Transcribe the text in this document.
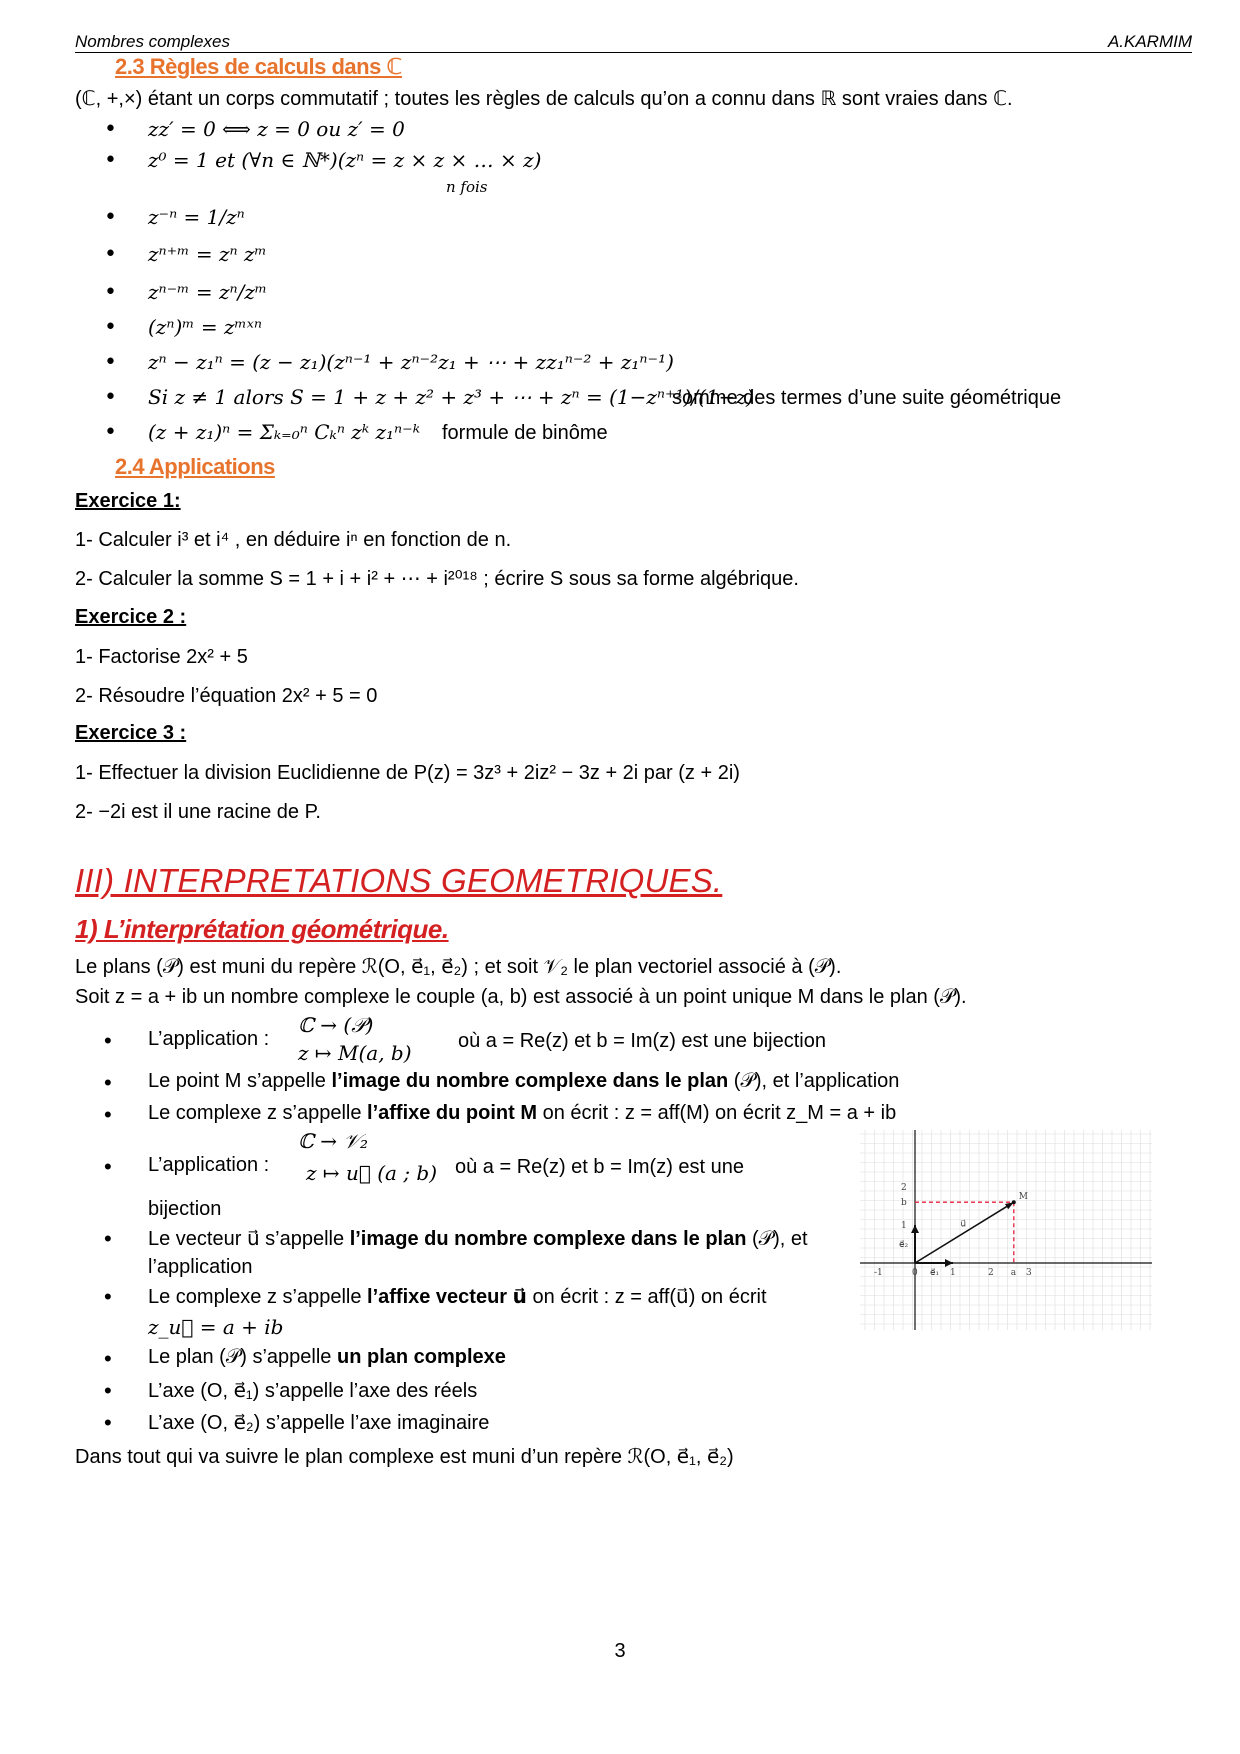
Nombres complexes	A.KARMIM
2.3 Règles de calculs dans ℂ
(ℂ, +,×) étant un corps commutatif ; toutes les règles de calculs qu’on a connu dans ℝ sont vraies dans ℂ.
• zz′ = 0 ⟺ z = 0 ou z′ = 0
• z⁰ = 1 et (∀n ∈ ℕ*)(zⁿ = z × z × … × z)
n fois
• z⁻ⁿ = 1/zⁿ
• zⁿ⁺ᵐ = zⁿ zᵐ
• zⁿ⁻ᵐ = zⁿ/zᵐ
• (zⁿ)ᵐ = zᵐˣⁿ
• zⁿ − z₁ⁿ = (z − z₁)(zⁿ⁻¹ + zⁿ⁻²z₁ + ⋯ + zz₁ⁿ⁻² + z₁ⁿ⁻¹)
• Si z ≠ 1 alors S = 1 + z + z² + z³ + ⋯ + zⁿ = (1−zⁿ⁺¹)/(1−z)
somme des termes d’une suite géométrique
• (z + z₁)ⁿ = Σₖ₌₀ⁿ Cₖⁿ zᵏ z₁ⁿ⁻ᵏ formule de binôme
2.4 Applications
Exercice 1:
1- Calculer i³ et i⁴ , en déduire iⁿ en fonction de n.
2- Calculer la somme S = 1 + i + i² + ⋯ + i²⁰¹⁸ ; écrire S sous sa forme algébrique.
Exercice 2 :
1- Factorise 2x² + 5
2- Résoudre l’équation 2x² + 5 = 0
Exercice 3 :
1- Effectuer la division Euclidienne de P(z) = 3z³ + 2iz² − 3z + 2i par (z + 2i)
2- −2i est il une racine de P.
III) INTERPRETATIONS GEOMETRIQUES.
1) L’interprétation géométrique.
Le plans (𝒫) est muni du repère ℛ(O, e⃗₁, e⃗₂) ; et soit 𝒱₂ le plan vectoriel associé à (𝒫).
Soit z = a + ib un nombre complexe le couple (a, b) est associé à un point unique M dans le plan (𝒫).
• L’application :
ℂ → (𝒫)
z ↦ M(a, b) où a = Re(z) et b = Im(z) est une bijection
• Le point M s’appelle l’image du nombre complexe dans le plan (𝒫), et l’application
• Le complexe z s’appelle l’affixe du point M on écrit : z = aff(M) on écrit z_M = a + ib
• L’application :
ℂ → 𝒱₂
z ↦ u⃗ (a ; b) où a = Re(z) et b = Im(z) est une
bijection
• Le vecteur u⃗ s’appelle l’image du nombre complexe dans le plan (𝒫), et
l’application
• Le complexe z s’appelle l’affixe vecteur u⃗ on écrit : z = aff(u⃗) on écrit
z_u⃗ = a + ib
• Le plan (𝒫) s’appelle un plan complexe
• L’axe (O, e⃗₁) s’appelle l’axe des réels
• L’axe (O, e⃗₂) s’appelle l’axe imaginaire
Dans tout qui va suivre le plan complexe est muni d’un repère ℛ(O, e⃗₁, e⃗₂)
M
u⃗
e⃗₁
e⃗₂
2
b
1
-1	0	1	2 a 3
3
